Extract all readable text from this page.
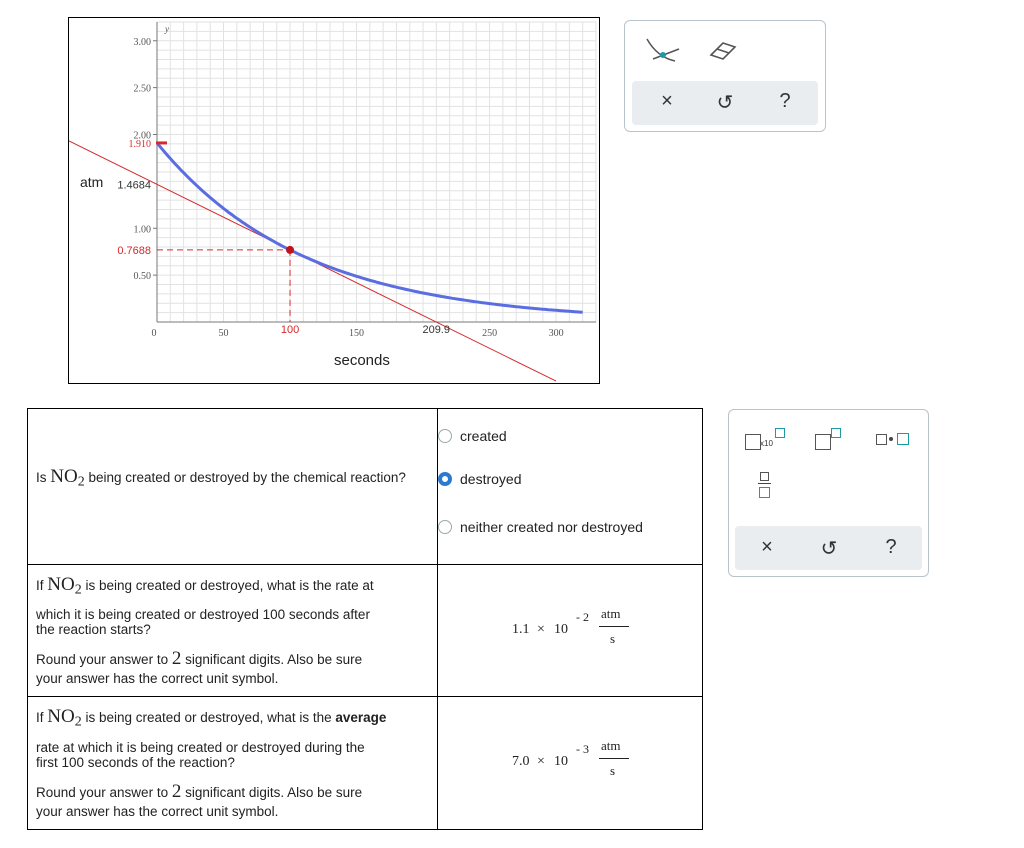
y
3.00
2.50
2.00
1.00
0.50
0	50	150	250	300
1.910
1.4684
0.7688
100	209.9
atm
seconds
×	↺	?
Is $NO_2$ being created or destroyed by the chemical reaction?
created
destroyed
neither created nor destroyed
If $NO_2$ is being created or destroyed, what is the rate at
which it is being created or destroyed 100 seconds after
the reaction starts?
Round your answer to 2 significant digits. Also be sure
your answer has the correct unit symbol.
1.1 × 10
- 2 atm
s
If $NO_2$ is being created or destroyed, what is the average
rate at which it is being created or destroyed during the
first 100 seconds of the reaction?
Round your answer to 2 significant digits. Also be sure
your answer has the correct unit symbol.
7.0 × 10
- 3 atm
s
x10
×	↺	?
